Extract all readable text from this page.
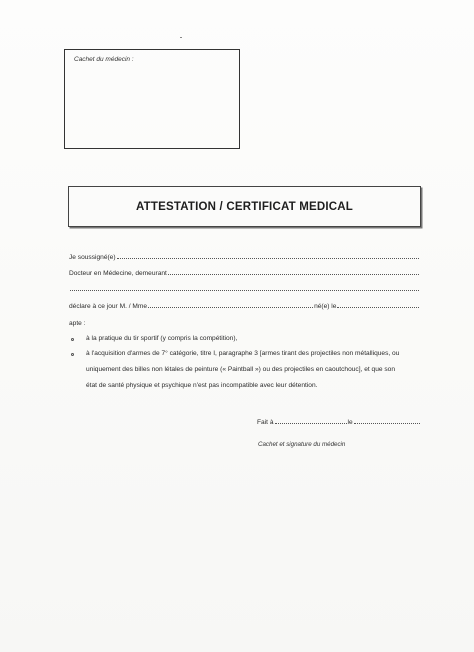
Cachet du médecin :
ATTESTATION / CERTIFICAT MEDICAL
Je soussigné(e)
Docteur en Médecine, demeurant
déclare à ce jour M. / Mme	né(e) le
apte :
à la pratique du tir sportif (y compris la compétition),
à l'acquisition d'armes de 7° catégorie, titre I, paragraphe 3 [armes tirant des projectiles non métalliques, ou
uniquement des billes non létales de peinture (« Paintball ») ou des projectiles en caoutchouc], et que son
état de santé physique et psychique n'est pas incompatible avec leur détention.
Fait à	le
Cachet et signature du médecin
